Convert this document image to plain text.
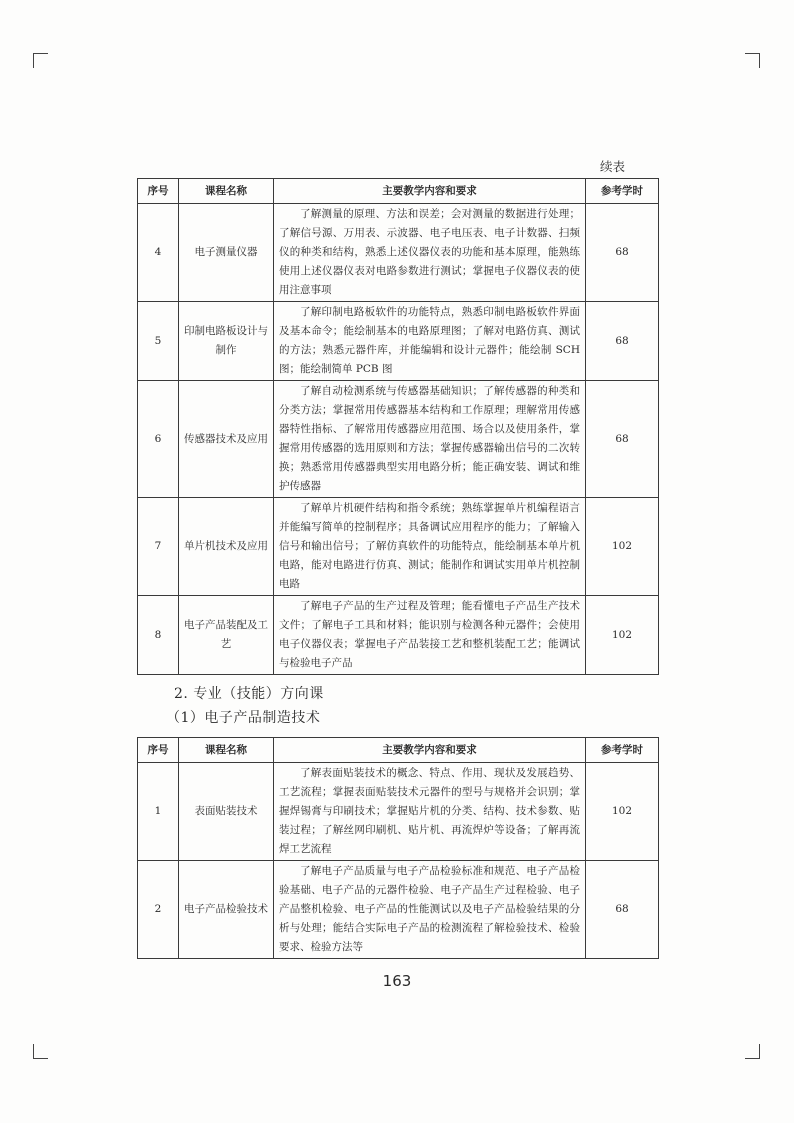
续表
序号	课程名称	主要教学内容和要求	参考学时
4	电子测量仪器	了解测量的原理、方法和误差；会对测量的数据进行处理；了解信号源、万用表、示波器、电子电压表、电子计数器、扫频仪的种类和结构，熟悉上述仪器仪表的功能和基本原理，能熟练使用上述仪器仪表对电路参数进行测试；掌握电子仪器仪表的使用注意事项	68
5	印制电路板设计与制作	了解印制电路板软件的功能特点，熟悉印制电路板软件界面及基本命令；能绘制基本的电路原理图；了解对电路仿真、测试的方法；熟悉元器件库，并能编辑和设计元器件；能绘制 SCH 图；能绘制简单 PCB 图	68
6	传感器技术及应用	了解自动检测系统与传感器基础知识；了解传感器的种类和分类方法；掌握常用传感器基本结构和工作原理；理解常用传感器特性指标、了解常用传感器应用范围、场合以及使用条件，掌握常用传感器的选用原则和方法；掌握传感器输出信号的二次转换；熟悉常用传感器典型实用电路分析；能正确安装、调试和维护传感器	68
7	单片机技术及应用	了解单片机硬件结构和指令系统；熟练掌握单片机编程语言并能编写简单的控制程序；具备调试应用程序的能力；了解输入信号和输出信号；了解仿真软件的功能特点，能绘制基本单片机电路，能对电路进行仿真、测试；能制作和调试实用单片机控制电路	102
8	电子产品装配及工艺	了解电子产品的生产过程及管理；能看懂电子产品生产技术文件；了解电子工具和材料；能识别与检测各种元器件；会使用电子仪器仪表；掌握电子产品装接工艺和整机装配工艺；能调试与检验电子产品	102
2. 专业（技能）方向课
（1）电子产品制造技术
序号	课程名称	主要教学内容和要求	参考学时
1	表面贴装技术	了解表面贴装技术的概念、特点、作用、现状及发展趋势、工艺流程；掌握表面贴装技术元器件的型号与规格并会识别；掌握焊锡膏与印刷技术；掌握贴片机的分类、结构、技术参数、贴装过程；了解丝网印刷机、贴片机、再流焊炉等设备；了解再流焊工艺流程	102
2	电子产品检验技术	了解电子产品质量与电子产品检验标准和规范、电子产品检验基础、电子产品的元器件检验、电子产品生产过程检验、电子产品整机检验、电子产品的性能测试以及电子产品检验结果的分析与处理；能结合实际电子产品的检测流程了解检验技术、检验要求、检验方法等	68
163
